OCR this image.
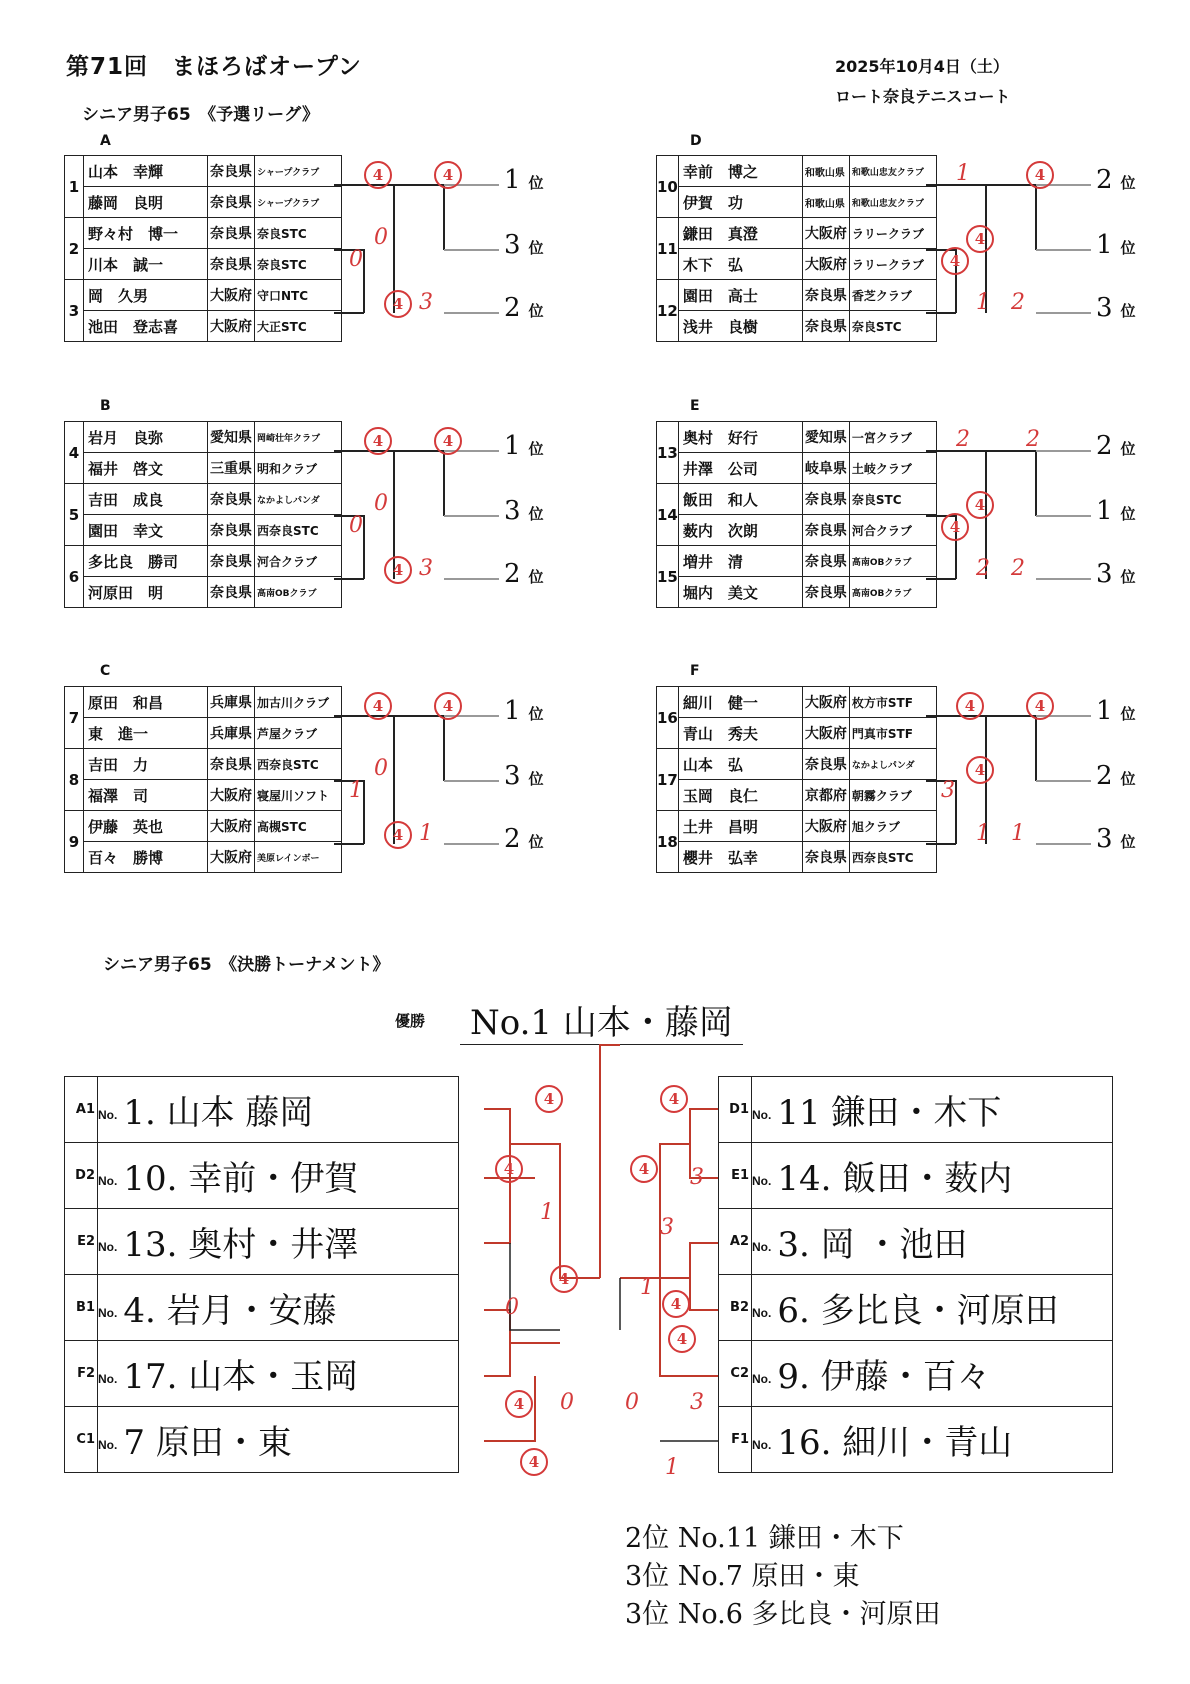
第71回　まほろばオープン	2025年10月4日（土）
ロート奈良テニスコート
シニア男子65　《予選リーグ》
A
1	山本　幸輝	奈良県	シャープクラブ
	藤岡　良明	奈良県	シャープクラブ
2	野々村　博一	奈良県	奈良STC
	川本　誠一	奈良県	奈良STC
3	岡　久男	大阪府	守口NTC
	池田　登志喜	大阪府	大正STC
4	4
0
0
4 3
1 位
3 位
2 位
B
4	岩月　良弥	愛知県	岡崎壮年クラブ
	福井　啓文	三重県	明和クラブ
5	吉田　成良	奈良県	なかよしパンダ
	園田　幸文	奈良県	西奈良STC
6	多比良　勝司	奈良県	河合クラブ
	河原田　明	奈良県	高南OBクラブ
4	4
0
0
4 3
1 位
3 位
2 位
C
7	原田　和昌	兵庫県	加古川クラブ
	東　進一	兵庫県	芦屋クラブ
8	吉田　力	奈良県	西奈良STC
	福澤　司	大阪府	寝屋川ソフト
9	伊藤　英也	大阪府	高槻STC
	百々　勝博	大阪府	美原レインボー
4	4
0
1
4 1
1 位
3 位
2 位
D
10	幸前　博之	和歌山県	和歌山忠友クラブ
	伊賀　功	和歌山県	和歌山忠友クラブ
11	鎌田　真澄	大阪府	ラリークラブ
	木下　弘	大阪府	ラリークラブ
12	園田　高士	奈良県	香芝クラブ
	浅井　良樹	奈良県	奈良STC
1	4
4
4
1 2
2 位
1 位
3 位
E
13	奥村　好行	愛知県	一宮クラブ
	井澤　公司	岐阜県	土岐クラブ
14	飯田　和人	奈良県	奈良STC
	薮内　次朗	奈良県	河合クラブ
15	増井　清	奈良県	高南OBクラブ
	堀内　美文	奈良県	高南OBクラブ
2	2
4
4
2 2
2 位
1 位
3 位
F
16	細川　健一	大阪府	枚方市STF
	青山　秀夫	大阪府	門真市STF
17	山本　弘	奈良県	なかよしパンダ
	玉岡　良仁	京都府	朝霧クラブ
18	土井　昌明	大阪府	旭クラブ
	櫻井　弘幸	奈良県	西奈良STC
4	4
4
3
1 1
1 位
2 位
3 位
シニア男子65　《決勝トーナメント》
優勝 No.1 山本・藤岡
A1	No. 1. 山本 藤岡
D2	No. 10. 幸前・伊賀
E2	No. 13. 奥村・井澤
B1	No. 4. 岩月・安藤
F2	No. 17. 山本・玉岡
C1	No. 7 原田・東
D1	No. 11 鎌田・木下
E1	No. 14. 飯田・薮内
A2	No. 3. 岡 ・池田
B2	No. 6. 多比良・河原田
C2	No. 9. 伊藤・百々
F1	No. 16. 細川・青山
4
4
4
4
4
4
4
4
4
1
0
0
3
3
1
0 3
1
2位 No.11 鎌田・木下
3位 No.7 原田・東
3位 No.6 多比良・河原田
